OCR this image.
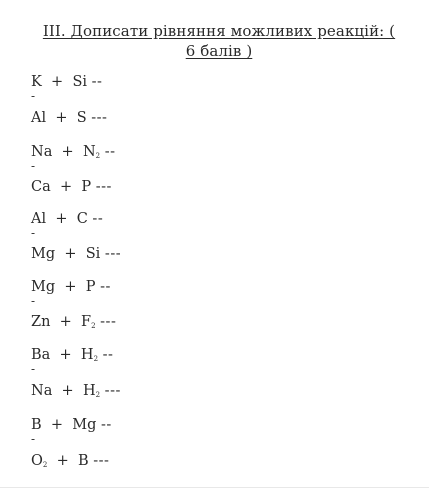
III. Дописати рівняння можливих реакцій: (
6 балів )
K  +  Si --
-
Al  +  S ---
$Na + N_2$ --
-
Ca  +  P ---
Al  +  C --
-
Mg  +  Si ---
Mg  +  P --
-
$Zn + F_2$ ---
$Ba + H_2$ --
-
$Na + H_2$ ---
B  +  Mg --
-
$O_2 + B$ ---
